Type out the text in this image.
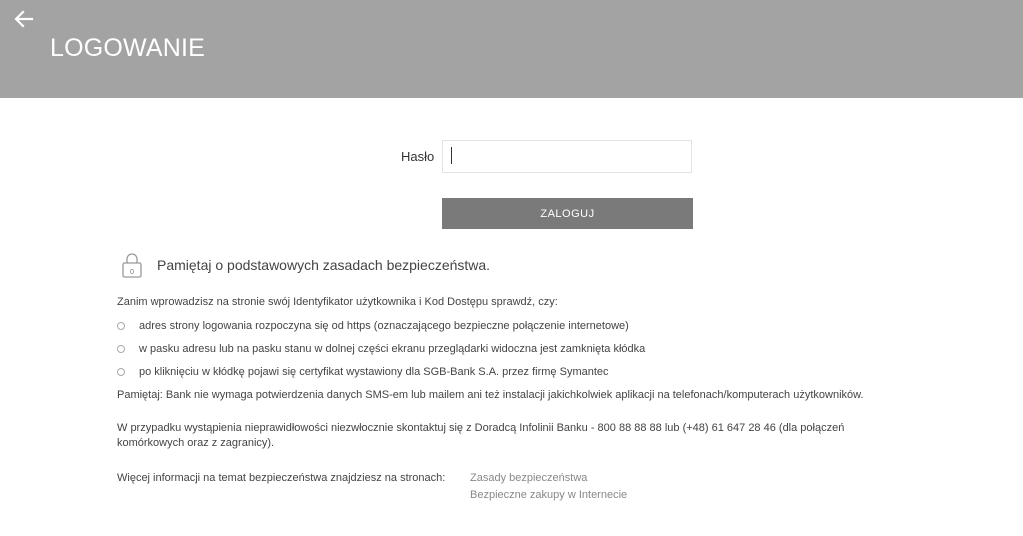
LOGOWANIE
Hasło
ZALOGUJ
0 Pamiętaj o podstawowych zasadach bezpieczeństwa.
Zanim wprowadzisz na stronie swój Identyfikator użytkownika i Kod Dostępu sprawdź, czy:
adres strony logowania rozpoczyna się od https (oznaczającego bezpieczne połączenie internetowe)
w pasku adresu lub na pasku stanu w dolnej części ekranu przeglądarki widoczna jest zamknięta kłódka
po kliknięciu w kłódkę pojawi się certyfikat wystawiony dla SGB-Bank S.A. przez firmę Symantec
Pamiętaj: Bank nie wymaga potwierdzenia danych SMS-em lub mailem ani też instalacji jakichkolwiek aplikacji na telefonach/komputerach użytkowników.
W przypadku wystąpienia nieprawidłowości niezwłocznie skontaktuj się z Doradcą Infolinii Banku - 800 88 88 88 lub (+48) 61 647 28 46 (dla połączeń komórkowych oraz z zagranicy).
Więcej informacji na temat bezpieczeństwa znajdziesz na stronach: Zasady bezpieczeństwa
Bezpieczne zakupy w Internecie
